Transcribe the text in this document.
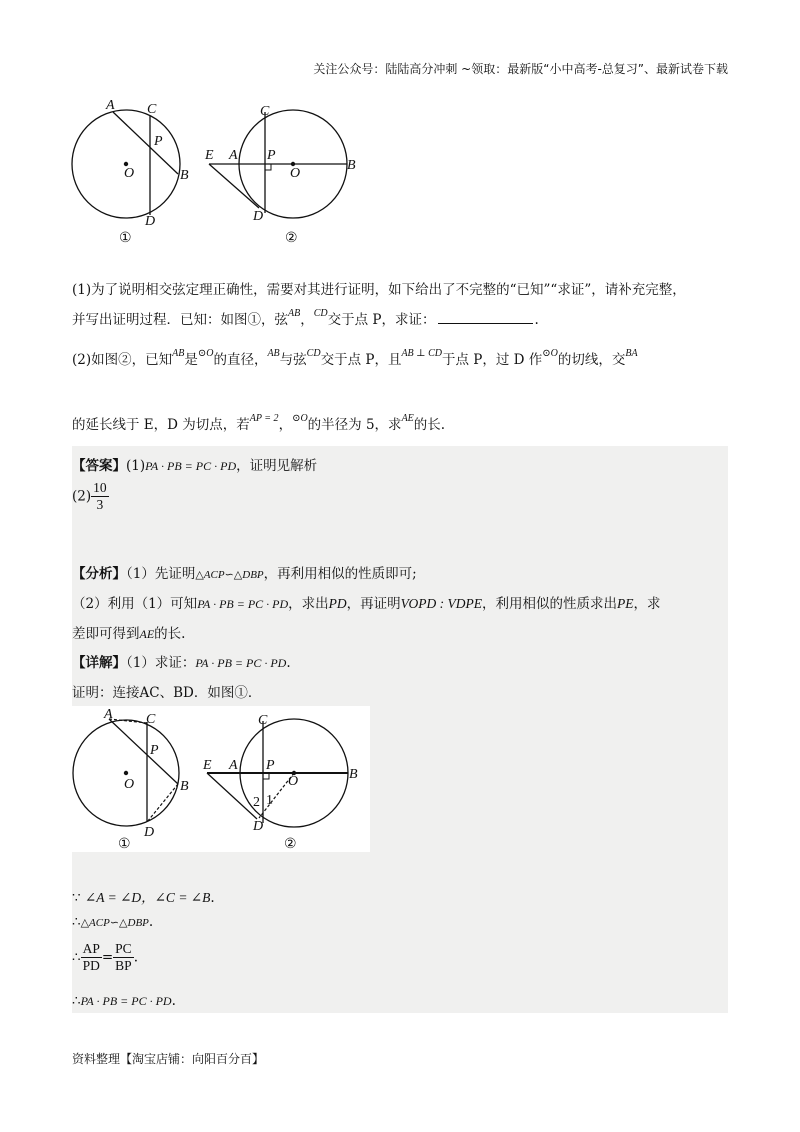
关注公众号：陆陆高分冲刺 ~领取：最新版“小中高考-总复习”、最新试卷下载
A C
P
O	B
D
①
C
E A P
O
B
D
②
(1)为了说明相交弦定理正确性，需要对其进行证明，如下给出了不完整的“已知”“求证”，请补充完整，
并写出证明过程．已知：如图①，弦$^{AB}$，$^{CD}$交于点 P，求证：	.
(2)如图②，已知$^{AB}$是$^{⊙O}$的直径，$^{AB}$与弦$^{CD}$交于点 P，且$^{AB \perp CD}$于点 P，过 D 作$^{⊙O}$的切线，交$^{BA}$
的延长线于 E，D 为切点，若$^{AP = 2}$，$^{⊙O}$的半径为 5，求$^{AE}$的长.
【答案】(1)PA · PB = PC · PD，证明见解析
$(2) \frac{10}{3}$
【分析】（1）先证明△ACP∽△DBP，再利用相似的性质即可;
（2）利用（1）可知PA · PB = PC · PD，求出PD，再证明VOPD : VDPE，利用相似的性质求出PE，求
差即可得到AE的长.
【详解】（1）求证：PA · PB = PC · PD.
证明：连接AC、BD．如图①．
A C
P
O	B
D
①
C
E A P
O	B
2 1
D
②
∵ ∠A = ∠D，∠C = ∠B.
∴△ACP∽△DBP.
∴ $\frac{AP}{PD} = \frac{PC}{BP}$ .
∴PA · PB = PC · PD.
资料整理【淘宝店铺：向阳百分百】
